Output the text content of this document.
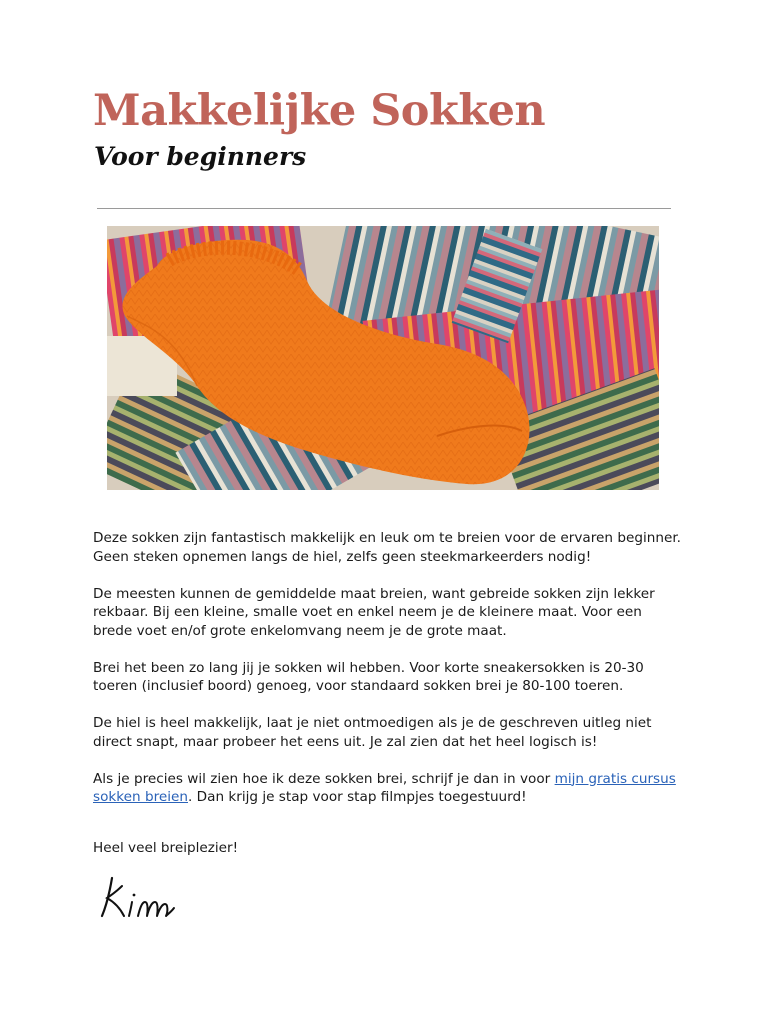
Makkelijke Sokken
Voor beginners

Deze sokken zijn fantastisch makkelijk en leuk om te breien voor de ervaren beginner. Geen steken opnemen langs de hiel, zelfs geen steekmarkeerders nodig!

De meesten kunnen de gemiddelde maat breien, want gebreide sokken zijn lekker rekbaar. Bij een kleine, smalle voet en enkel neem je de kleinere maat. Voor een brede voet en/of grote enkelomvang neem je de grote maat.

Brei het been zo lang jij je sokken wil hebben. Voor korte sneakersokken is 20-30 toeren (inclusief boord) genoeg, voor standaard sokken brei je 80-100 toeren.

De hiel is heel makkelijk, laat je niet ontmoedigen als je de geschreven uitleg niet direct snapt, maar probeer het eens uit. Je zal zien dat het heel logisch is!

Als je precies wil zien hoe ik deze sokken brei, schrijf je dan in voor mijn gratis cursus sokken breien. Dan krijg je stap voor stap filmpjes toegestuurd!

Heel veel breiplezier!
